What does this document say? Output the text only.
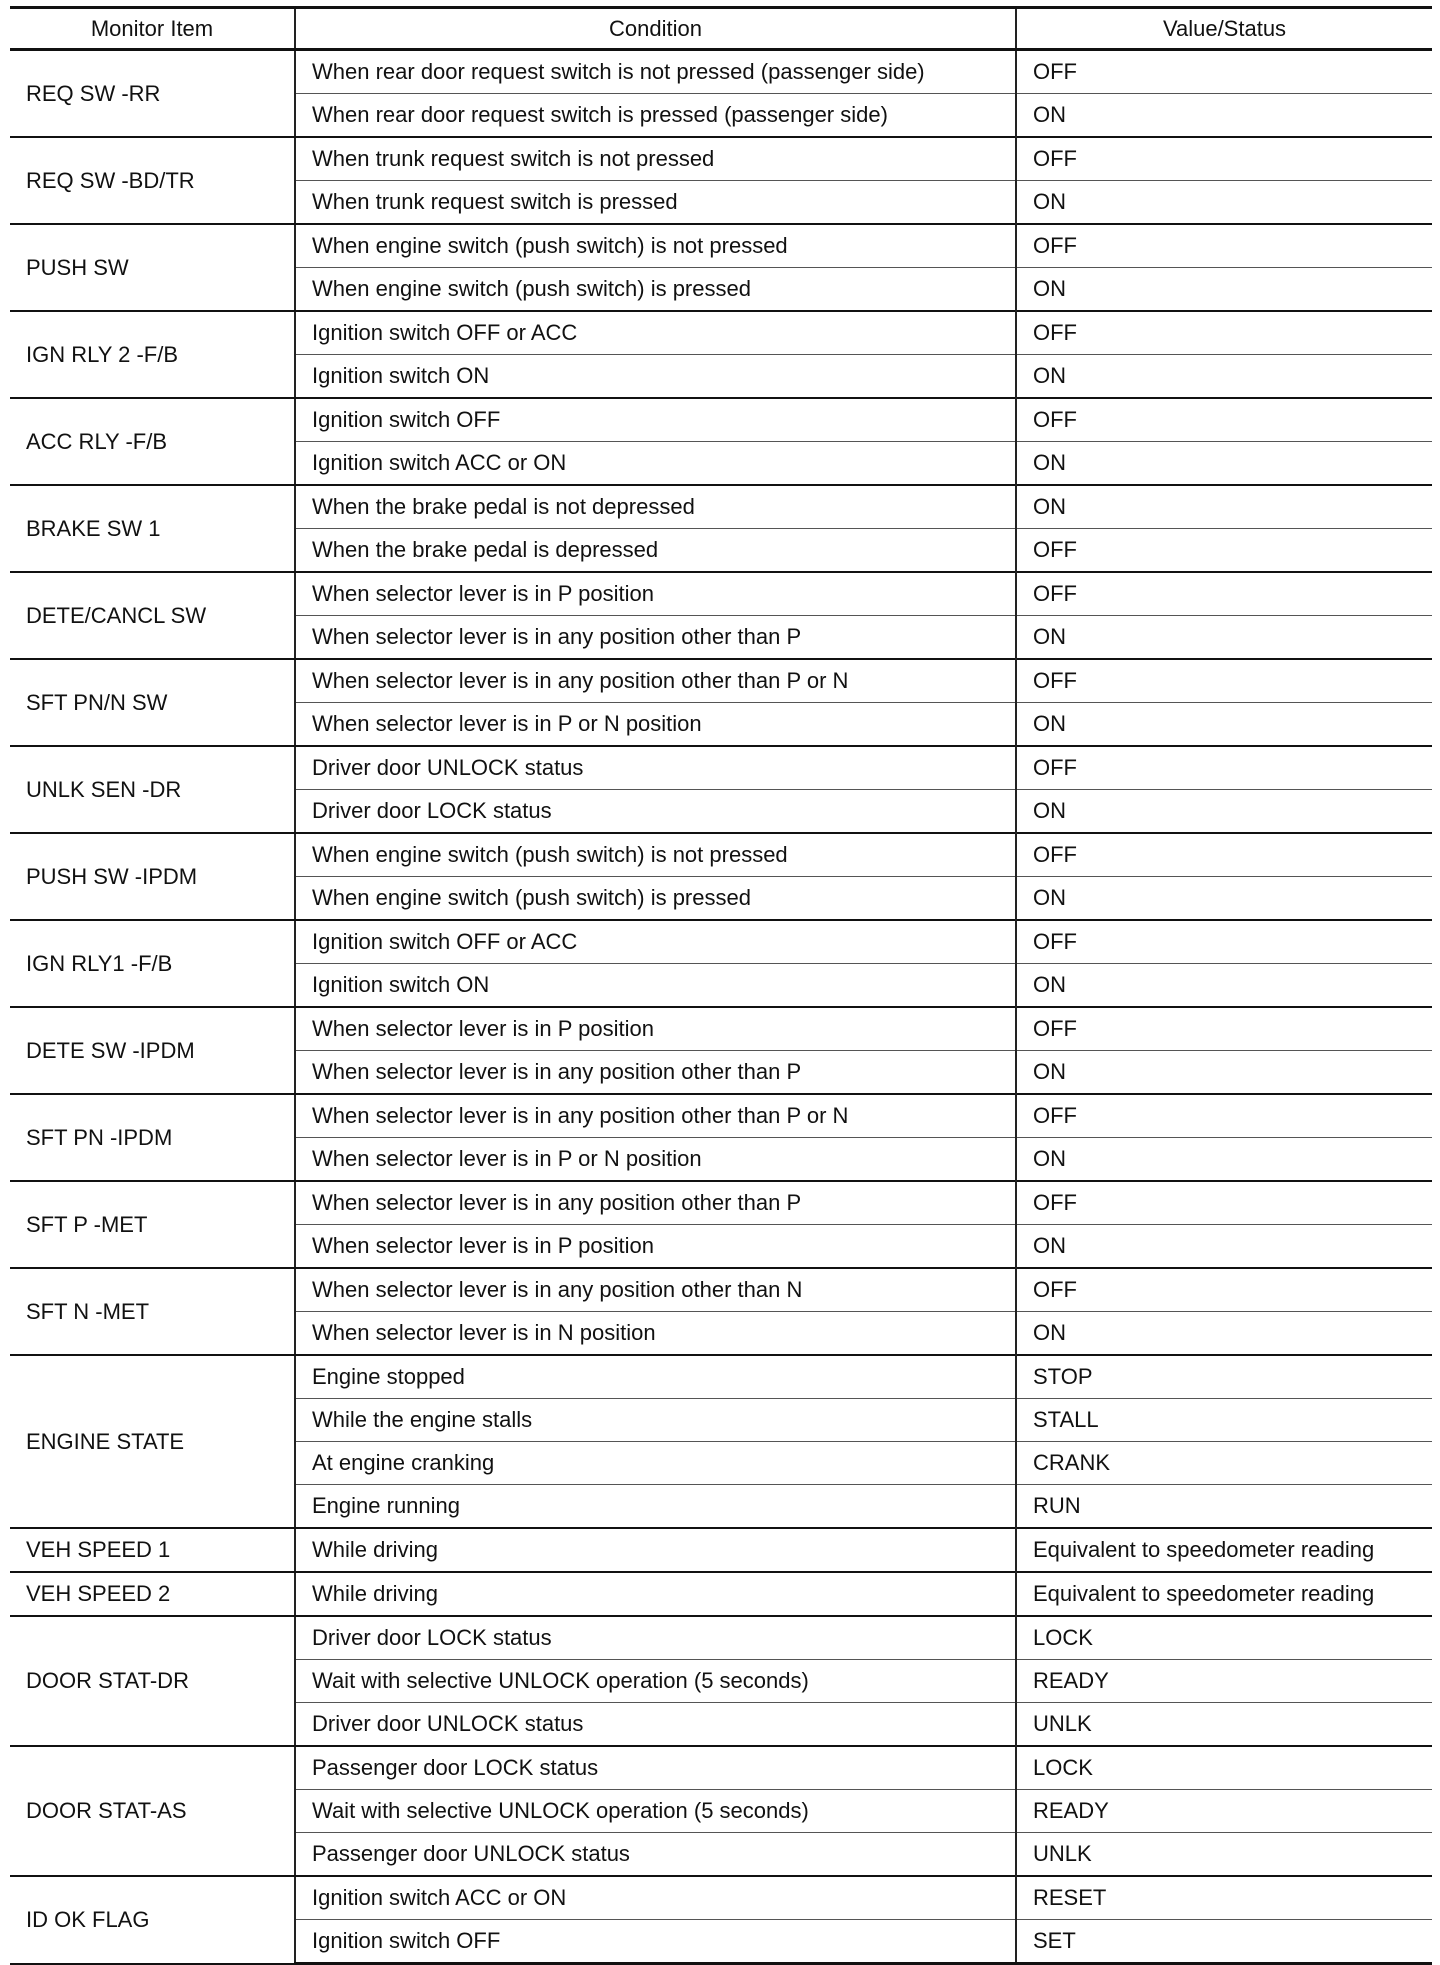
Monitor Item	Condition	Value/Status
REQ SW -RR	When rear door request switch is not pressed (passenger side)	OFF
	When rear door request switch is pressed (passenger side)	ON
REQ SW -BD/TR	When trunk request switch is not pressed	OFF
	When trunk request switch is pressed	ON
PUSH SW	When engine switch (push switch) is not pressed	OFF
	When engine switch (push switch) is pressed	ON
IGN RLY 2 -F/B	Ignition switch OFF or ACC	OFF
	Ignition switch ON	ON
ACC RLY -F/B	Ignition switch OFF	OFF
	Ignition switch ACC or ON	ON
BRAKE SW 1	When the brake pedal is not depressed	ON
	When the brake pedal is depressed	OFF
DETE/CANCL SW	When selector lever is in P position	OFF
	When selector lever is in any position other than P	ON
SFT PN/N SW	When selector lever is in any position other than P or N	OFF
	When selector lever is in P or N position	ON
UNLK SEN -DR	Driver door UNLOCK status	OFF
	Driver door LOCK status	ON
PUSH SW -IPDM	When engine switch (push switch) is not pressed	OFF
	When engine switch (push switch) is pressed	ON
IGN RLY1 -F/B	Ignition switch OFF or ACC	OFF
	Ignition switch ON	ON
DETE SW -IPDM	When selector lever is in P position	OFF
	When selector lever is in any position other than P	ON
SFT PN -IPDM	When selector lever is in any position other than P or N	OFF
	When selector lever is in P or N position	ON
SFT P -MET	When selector lever is in any position other than P	OFF
	When selector lever is in P position	ON
SFT N -MET	When selector lever is in any position other than N	OFF
	When selector lever is in N position	ON
ENGINE STATE	Engine stopped	STOP
	While the engine stalls	STALL
	At engine cranking	CRANK
	Engine running	RUN
VEH SPEED 1	While driving	Equivalent to speedometer reading
VEH SPEED 2	While driving	Equivalent to speedometer reading
DOOR STAT-DR	Driver door LOCK status	LOCK
	Wait with selective UNLOCK operation (5 seconds)	READY
	Driver door UNLOCK status	UNLK
DOOR STAT-AS	Passenger door LOCK status	LOCK
	Wait with selective UNLOCK operation (5 seconds)	READY
	Passenger door UNLOCK status	UNLK
ID OK FLAG	Ignition switch ACC or ON	RESET
	Ignition switch OFF	SET
